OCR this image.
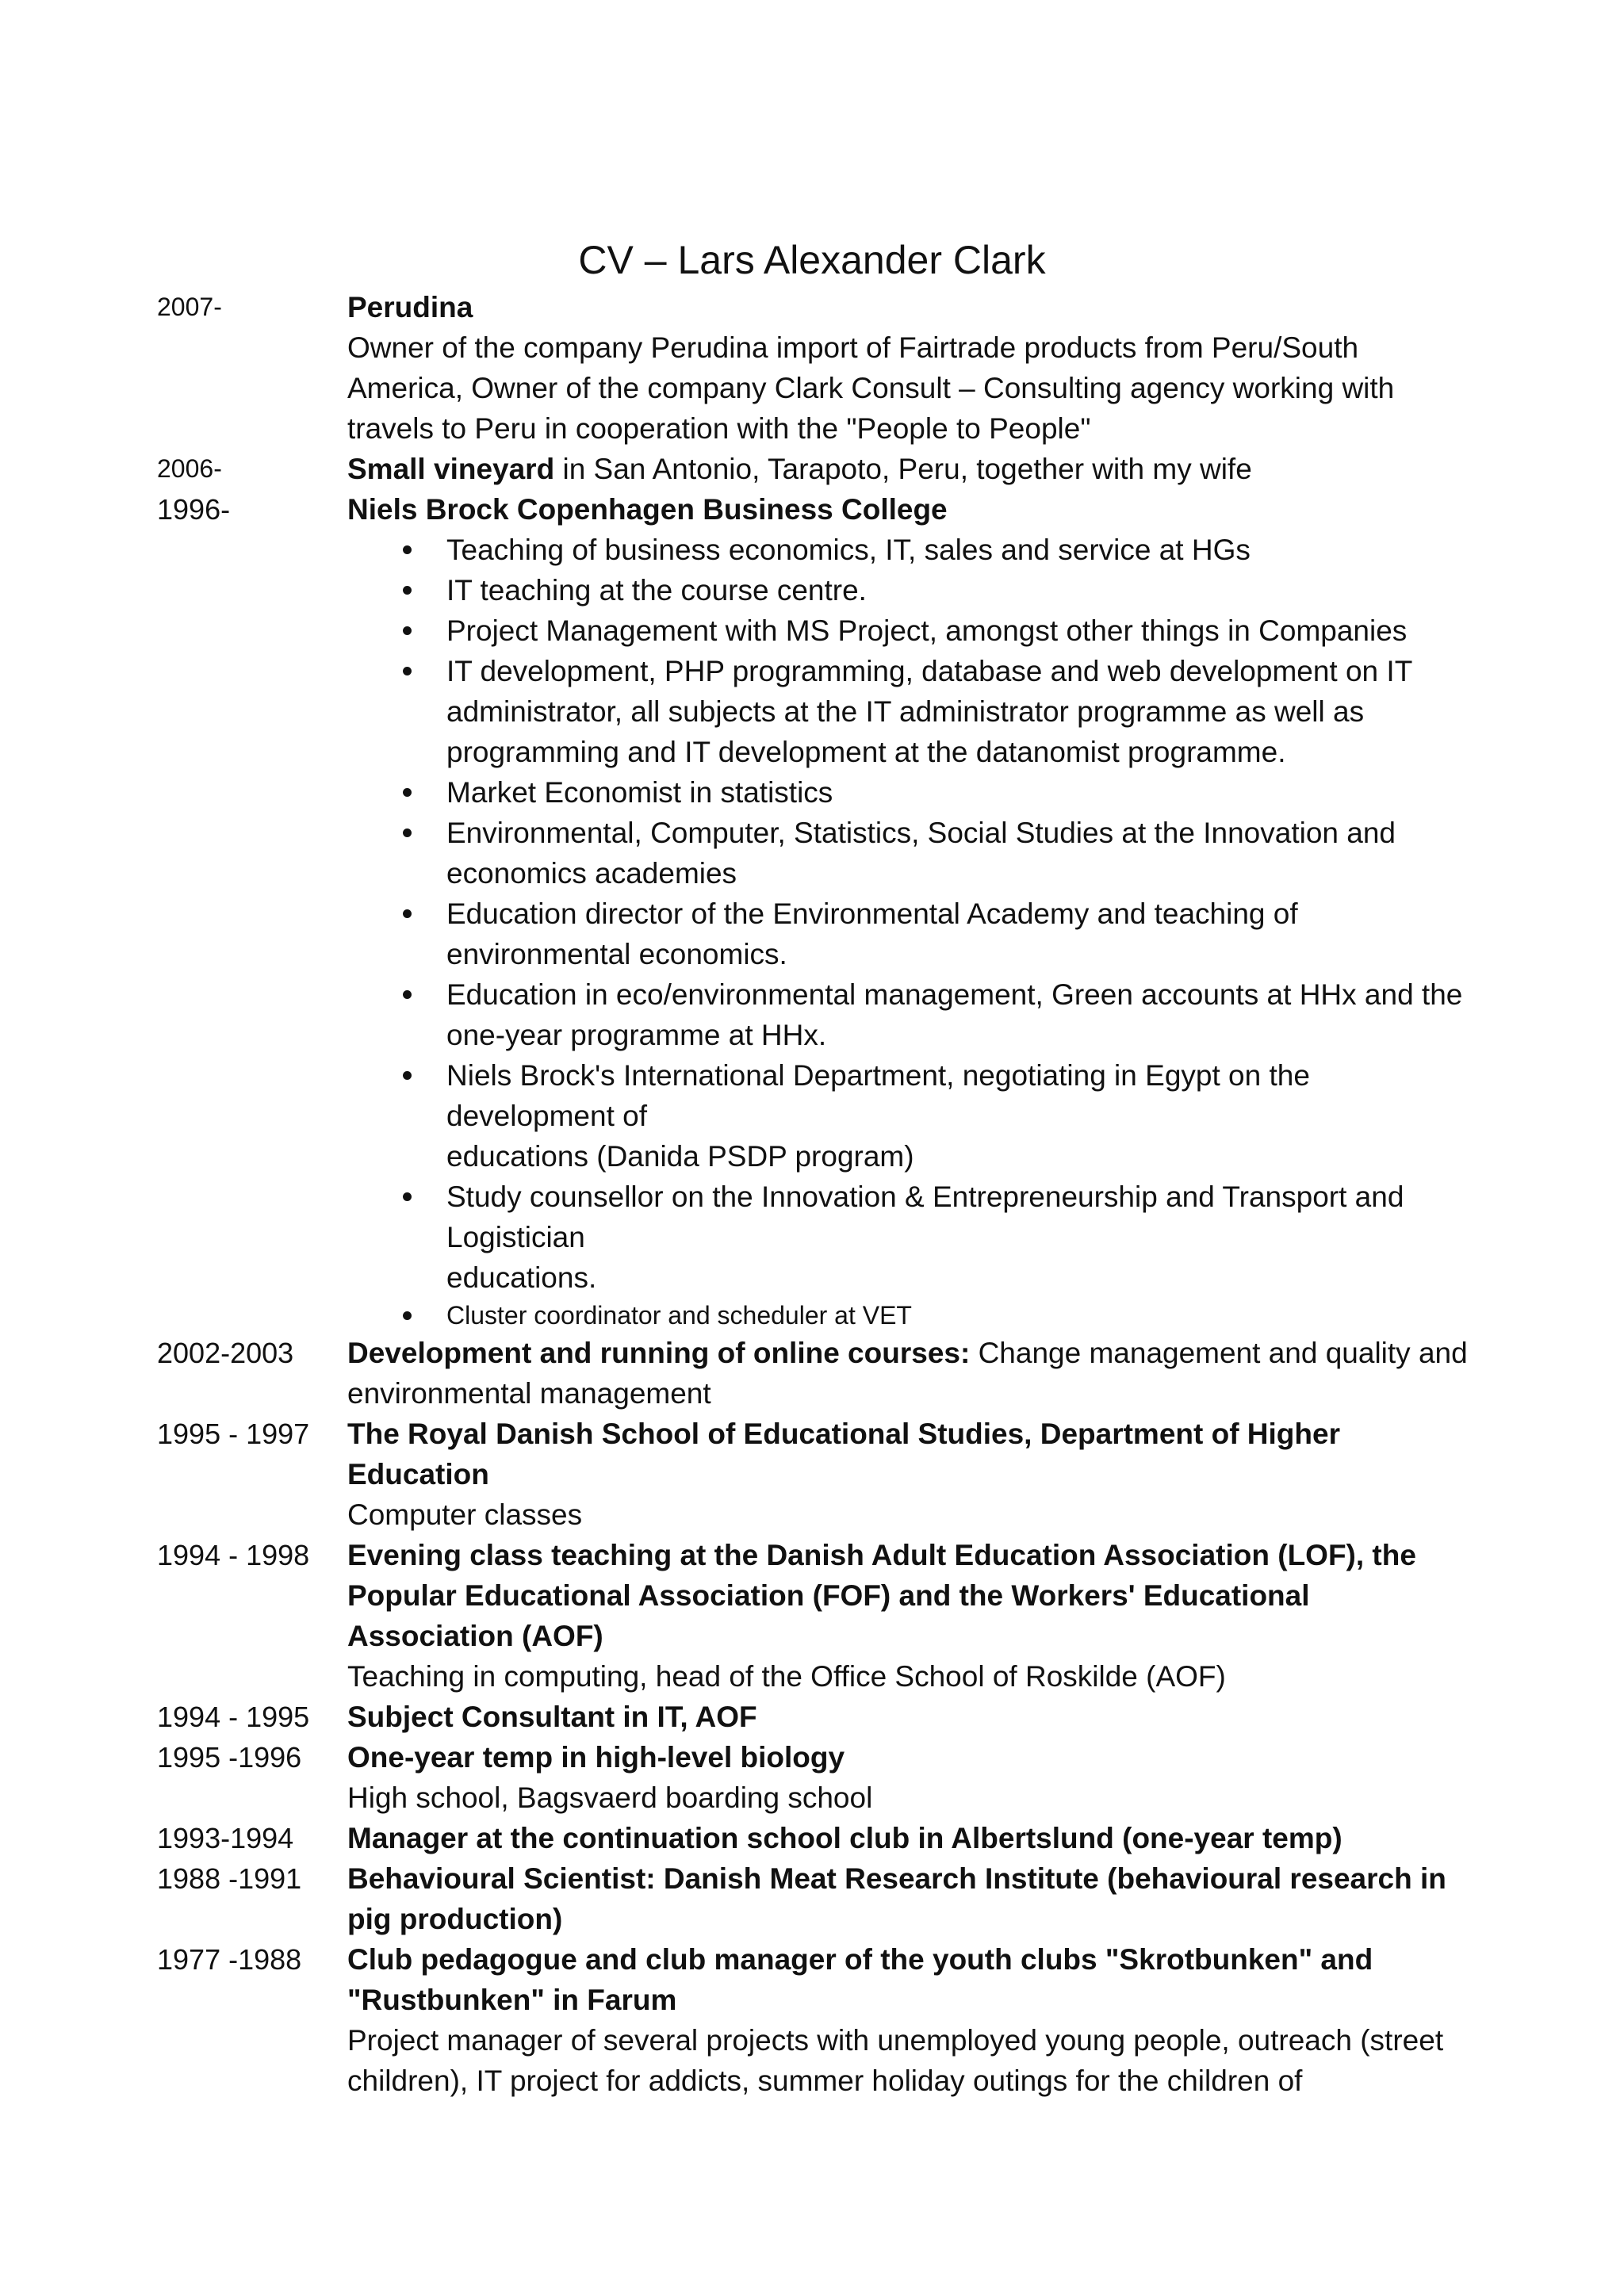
CV – Lars Alexander Clark
2007-	Perudina
Owner of the company Perudina import of Fairtrade products from Peru/South America, Owner of the company Clark Consult – Consulting agency working with travels to Peru in cooperation with the "People to People"
2006-	Small vineyard in San Antonio, Tarapoto, Peru, together with my wife
1996-	Niels Brock Copenhagen Business College
Teaching of business economics, IT, sales and service at HGs
IT teaching at the course centre.
Project Management with MS Project, amongst other things in Companies
IT development, PHP programming, database and web development on IT administrator, all subjects at the IT administrator programme as well as programming and IT development at the datanomist programme.
Market Economist in statistics
Environmental, Computer, Statistics, Social Studies at the Innovation and economics academies
Education director of the Environmental Academy and teaching of environmental economics.
Education in eco/environmental management, Green accounts at HHx and the one-year programme at HHx.
Niels Brock's International Department, negotiating in Egypt on the development of
educations (Danida PSDP program)
Study counsellor on the Innovation & Entrepreneurship and Transport and Logistician
educations.
Cluster coordinator and scheduler at VET
2002-2003	Development and running of online courses: Change management and quality and environmental management
1995 - 1997	The Royal Danish School of Educational Studies, Department of Higher Education
Computer classes
1994 - 1998	Evening class teaching at the Danish Adult Education Association (LOF), the Popular Educational Association (FOF) and the Workers' Educational Association (AOF)
Teaching in computing, head of the Office School of Roskilde (AOF)
1994 - 1995	Subject Consultant in IT, AOF
1995 -1996	One-year temp in high-level biology
High school, Bagsvaerd boarding school
1993-1994	Manager at the continuation school club in Albertslund (one-year temp)
1988 -1991	Behavioural Scientist: Danish Meat Research Institute (behavioural research in pig production)
1977 -1988	Club pedagogue and club manager of the youth clubs "Skrotbunken" and "Rustbunken" in Farum
Project manager of several projects with unemployed young people, outreach (street children), IT project for addicts, summer holiday outings for the children of
